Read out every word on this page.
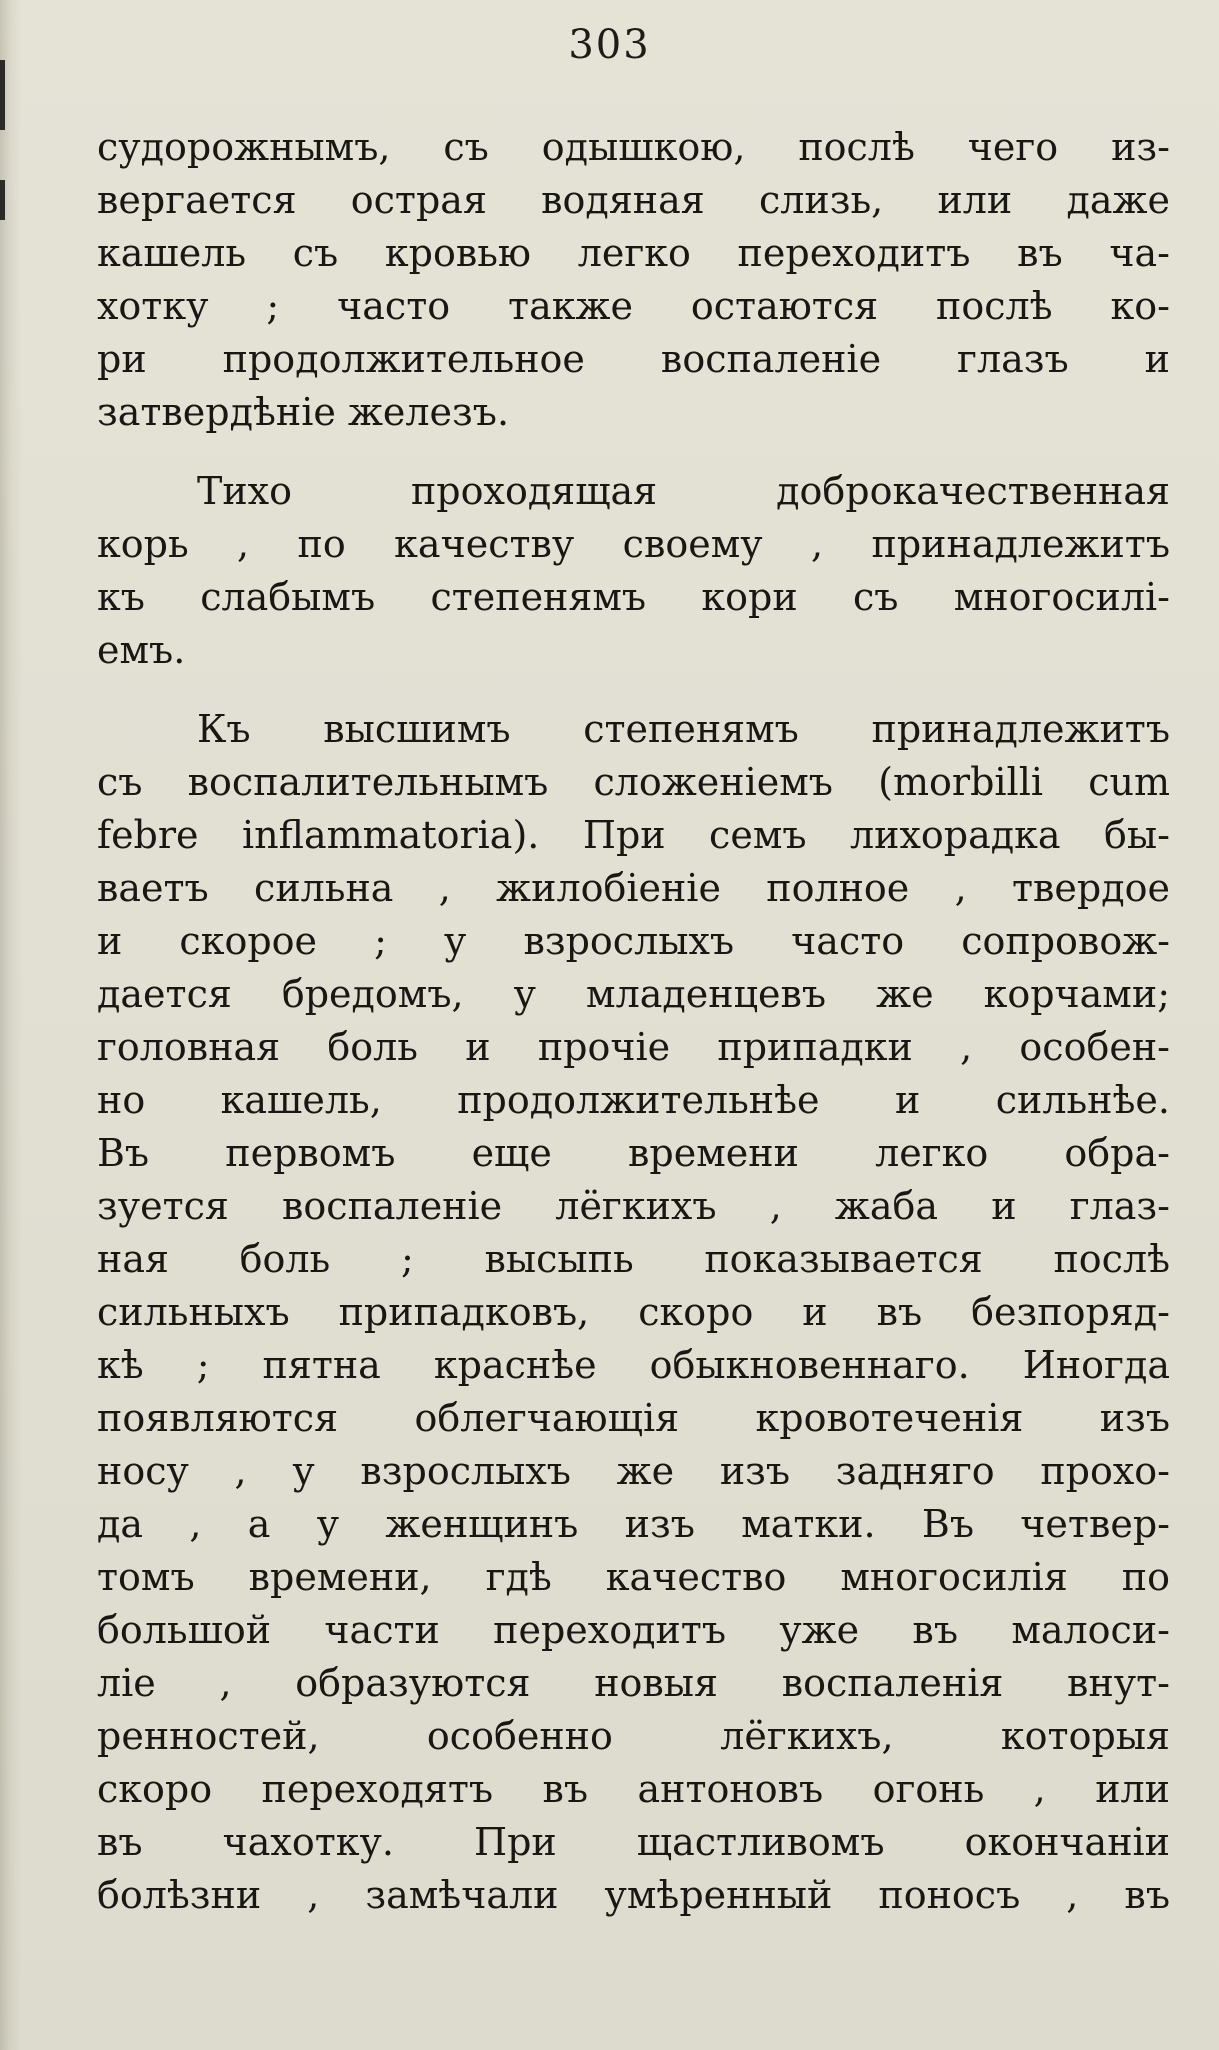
303
судорожнымъ, съ одышкою, послѣ чего из-
вергается острая водяная слизь, или даже
кашель съ кровью легко переходитъ въ ча-
хотку ; часто также остаются послѣ ко-
ри продолжительное воспаленіе глазъ и
затвердѣніе железъ.
Тихо проходящая доброкачественная
корь , по качеству своему , принадлежитъ
къ слабымъ степенямъ кори съ многосилі-
емъ.
Къ высшимъ степенямъ принадлежитъ
съ воспалительнымъ сложеніемъ (morbilli cum
febre inflammatoria). При семъ лихорадка бы-
ваетъ сильна , жилобіеніе полное , твердое
и скорое ; у взрослыхъ часто сопровож-
дается бредомъ, у младенцевъ же корчами;
головная боль и прочіе припадки , особен-
но кашель, продолжительнѣе и сильнѣе.
Въ первомъ еще времени легко обра-
зуется воспаленіе лёгкихъ , жаба и глаз-
ная боль ; высыпь показывается послѣ
сильныхъ припадковъ, скоро и въ безпоряд-
кѣ ; пятна краснѣе обыкновеннаго. Иногда
появляются облегчающія кровотеченія изъ
носу , у взрослыхъ же изъ задняго прохо-
да , а у женщинъ изъ матки. Въ четвер-
томъ времени, гдѣ качество многосилія по
большой части переходитъ уже въ малоси-
ліе , образуются новыя воспаленія внут-
ренностей, особенно лёгкихъ, которыя
скоро переходятъ въ антоновъ огонь , или
въ чахотку. При щастливомъ окончаніи
болѣзни , замѣчали умѣренный поносъ , въ
